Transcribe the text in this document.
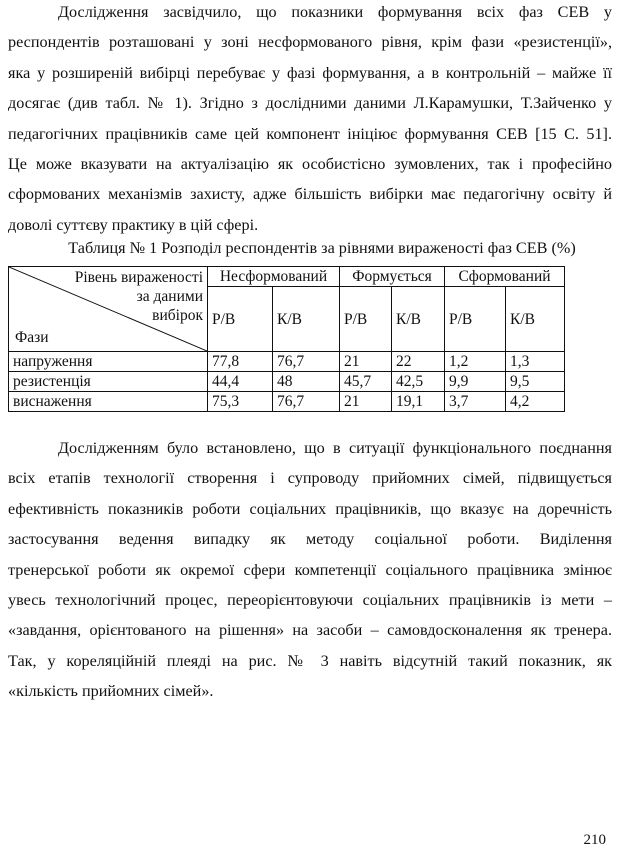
Дослідження засвідчило, що показники формування всіх фаз СЕВ у
респондентів розташовані у зоні несформованого рівня, крім фази «резистенції»,
яка у розширеній вибірці перебуває у фазі формування, а в контрольній – майже її
досягає (див табл. № 1). Згідно з дослідними даними Л.Карамушки, Т.Зайченко у
педагогічних працівників саме цей компонент ініціює формування СЕВ [15 С. 51].
Це може вказувати на актуалізацію як особистісно зумовлених, так і професійно
сформованих механізмів захисту, адже більшість вибірки має педагогічну освіту й
доволі суттєву практику в цій сфері.
Таблиця № 1 Розподіл респондентів за рівнями вираженості фаз СЕВ (%)
Рівень вираженості
за даними
вибірок
Фази	Несформований		Формується		Сформований	
	Р/В	К/В	Р/В	К/В	Р/В	К/В
напруження	77,8	76,7	21	22	1,2	1,3
резистенція	44,4	48	45,7	42,5	9,9	9,5
виснаження	75,3	76,7	21	19,1	3,7	4,2
Дослідженням було встановлено, що в ситуації функціонального поєднання
всіх етапів технології створення і супроводу прийомних сімей, підвищується
ефективність показників роботи соціальних працівників, що вказує на доречність
застосування ведення випадку як методу соціальної роботи. Виділення
тренерської роботи як окремої сфери компетенції соціального працівника змінює
увесь технологічний процес, переорієнтовуючи соціальних працівників із мети –
«завдання, орієнтованого на рішення» на засоби – самовдосконалення як тренера.
Так, у кореляційній плеяді на рис. № 3 навіть відсутній такий показник, як
«кількість прийомних сімей».
210
